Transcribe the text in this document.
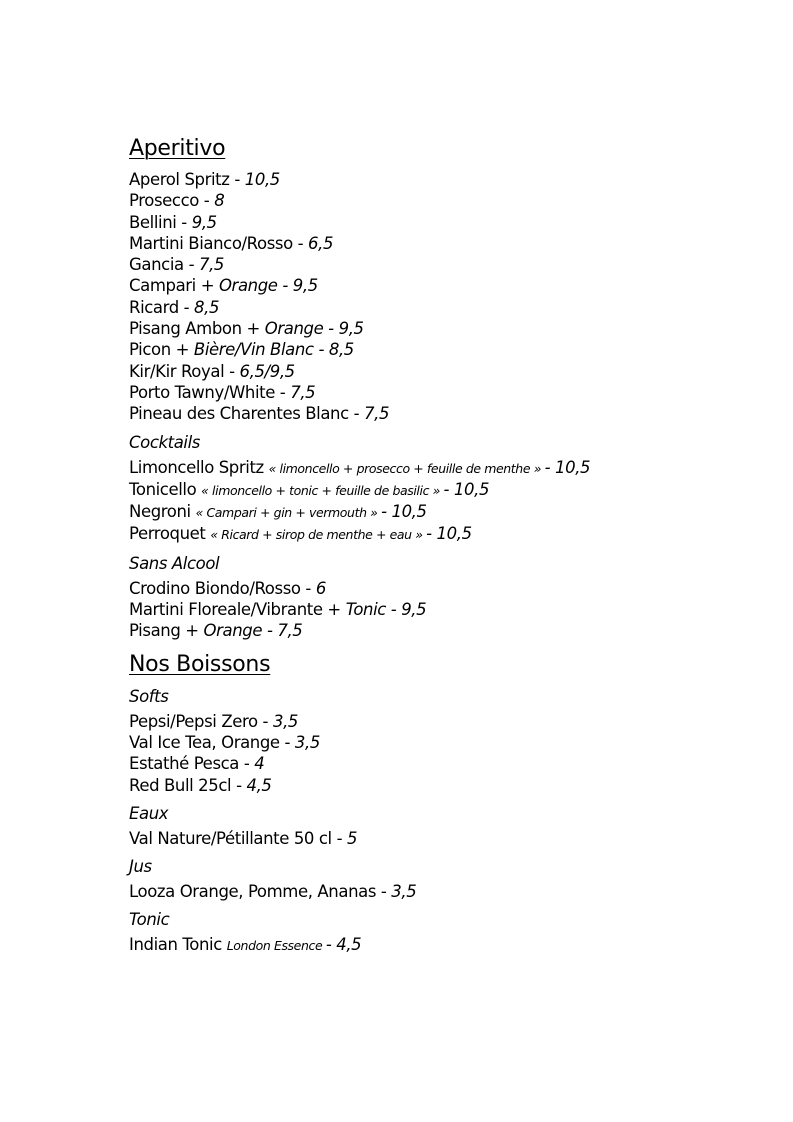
Aperitivo
Aperol Spritz - 10,5
Prosecco - 8
Bellini - 9,5
Martini Bianco/Rosso - 6,5
Gancia - 7,5
Campari + Orange - 9,5
Ricard - 8,5
Pisang Ambon + Orange - 9,5
Picon + Bière/Vin Blanc - 8,5
Kir/Kir Royal - 6,5/9,5
Porto Tawny/White - 7,5
Pineau des Charentes Blanc - 7,5
Cocktails
Limoncello Spritz « limoncello + prosecco + feuille de menthe » - 10,5
Tonicello « limoncello + tonic + feuille de basilic » - 10,5
Negroni « Campari + gin + vermouth » - 10,5
Perroquet « Ricard + sirop de menthe + eau » - 10,5
Sans Alcool
Crodino Biondo/Rosso - 6
Martini Floreale/Vibrante + Tonic - 9,5
Pisang + Orange - 7,5
Nos Boissons
Softs
Pepsi/Pepsi Zero - 3,5
Val Ice Tea, Orange - 3,5
Estathé Pesca - 4
Red Bull 25cl - 4,5
Eaux
Val Nature/Pétillante 50 cl - 5
Jus
Looza Orange, Pomme, Ananas - 3,5
Tonic
Indian Tonic London Essence - 4,5
